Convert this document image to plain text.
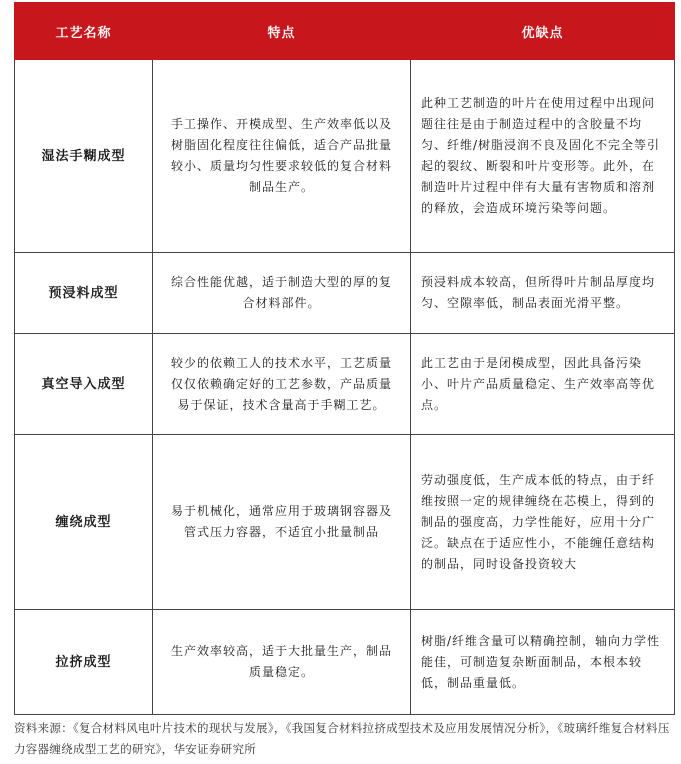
工艺名称	特点	优缺点
湿法手糊成型	手工操作、开模成型、生产效率低以及树脂固化程度往往偏低，适合产品批量较小、质量均匀性要求较低的复合材料制品生产。	此种工艺制造的叶片在使用过程中出现问题往往是由于制造过程中的含胶量不均匀、纤维/树脂浸润不良及固化不完全等引起的裂纹、断裂和叶片变形等。此外，在制造叶片过程中伴有大量有害物质和溶剂的释放，会造成环境污染等问题。
预浸料成型	综合性能优越，适于制造大型的厚的复合材料部件。	预浸料成本较高，但所得叶片制品厚度均匀、空隙率低，制品表面光滑平整。
真空导入成型	较少的依赖工人的技术水平，工艺质量仅仅依赖确定好的工艺参数，产品质量易于保证，技术含量高于手糊工艺。	此工艺由于是闭模成型，因此具备污染小、叶片产品质量稳定、生产效率高等优点。
缠绕成型	易于机械化，通常应用于玻璃钢容器及管式压力容器，不适宜小批量制品	劳动强度低，生产成本低的特点，由于纤维按照一定的规律缠绕在芯模上，得到的制品的强度高，力学性能好，应用十分广泛。缺点在于适应性小，不能缠任意结构的制品，同时设备投资较大
拉挤成型	生产效率较高，适于大批量生产，制品质量稳定。	树脂/纤维含量可以精确控制，轴向力学性能佳，可制造复杂断面制品，本根本较低，制品重量低。
资料来源：《复合材料风电叶片技术的现状与发展》，《我国复合材料拉挤成型技术及应用发展情况分析》，《玻璃纤维复合材料压力容器缠绕成型工艺的研究》，华安证券研究所
